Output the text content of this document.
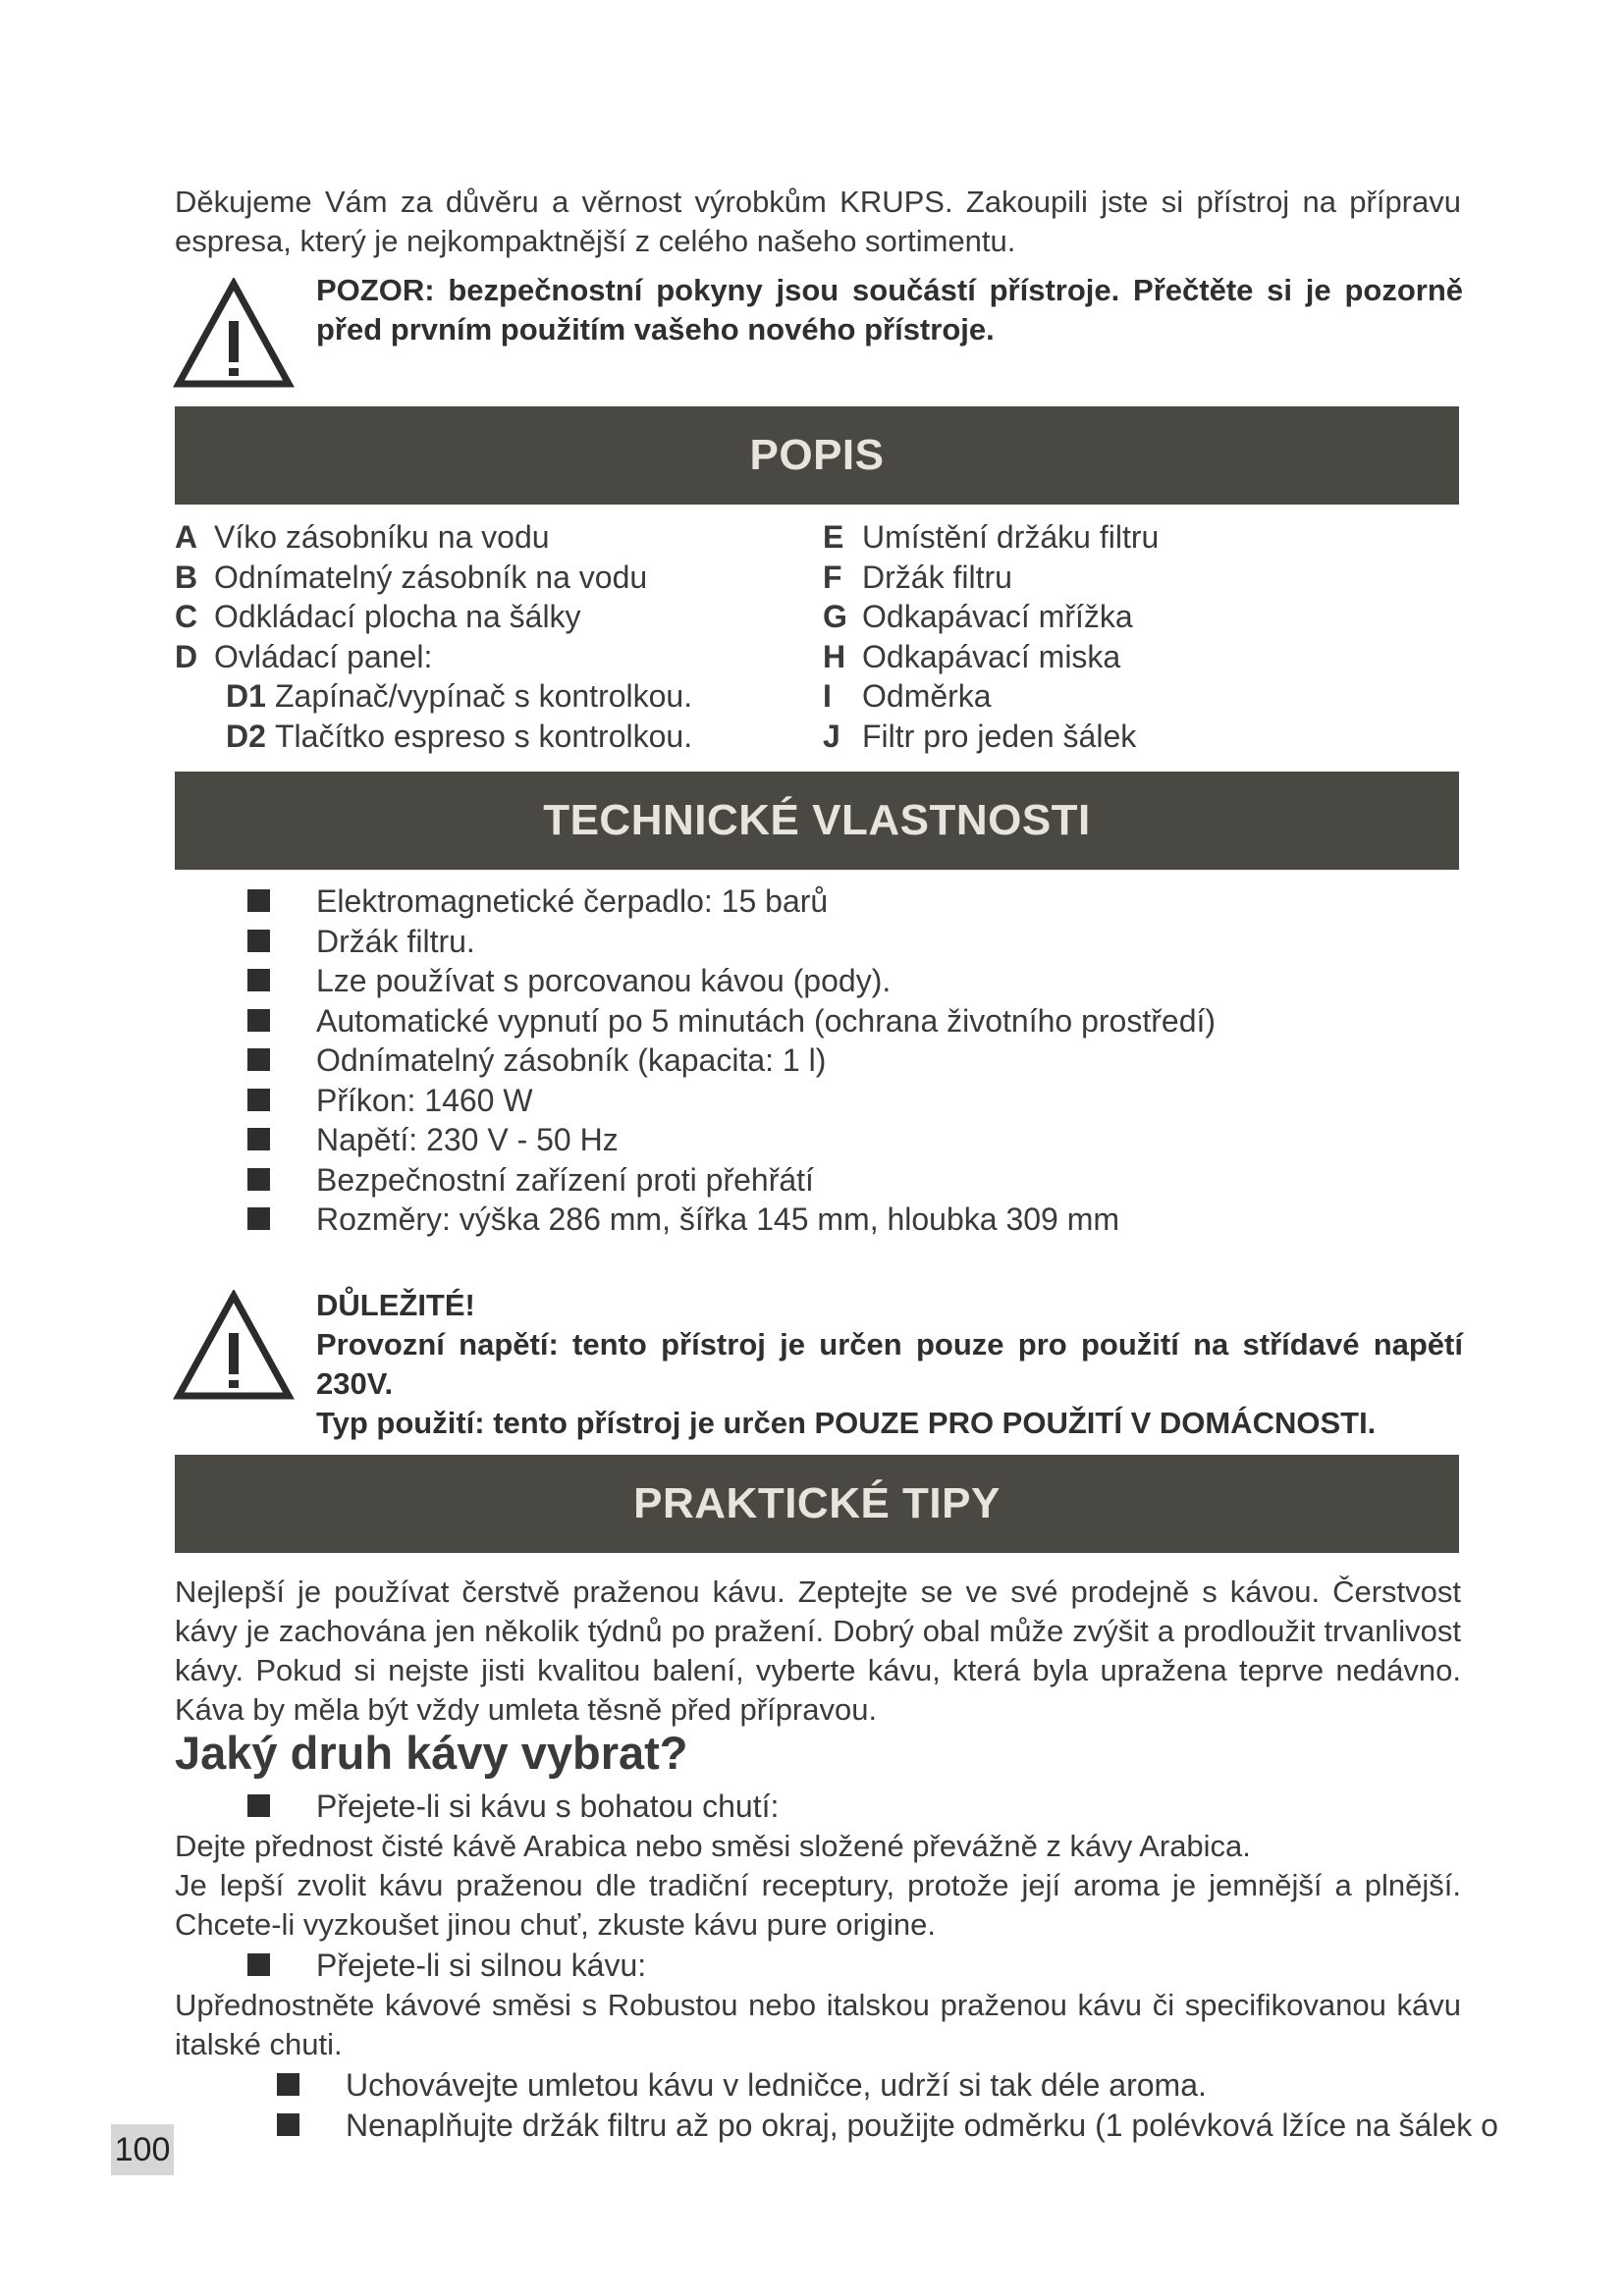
Děkujeme Vám za důvěru a věrnost výrobkům KRUPS. Zakoupili jste si přístroj na přípravu espresa, který je nejkompaktnější z celého našeho sortimentu.
POZOR: bezpečnostní pokyny jsou součástí přístroje. Přečtěte si je pozorně před prvním použitím vašeho nového přístroje.
POPIS
A Víko zásobníku na vodu
B Odnímatelný zásobník na vodu
C Odkládací plocha na šálky
D Ovládací panel:
D1 Zapínač/vypínač s kontrolkou.
D2 Tlačítko espreso s kontrolkou.
E Umístění držáku filtru
F Držák filtru
G Odkapávací mřížka
H Odkapávací miska
I Odměrka
J Filtr pro jeden šálek
TECHNICKÉ VLASTNOSTI
Elektromagnetické čerpadlo: 15 barů
Držák filtru.
Lze používat s porcovanou kávou (pody).
Automatické vypnutí po 5 minutách (ochrana životního prostředí)
Odnímatelný zásobník (kapacita: 1 l)
Příkon: 1460 W
Napětí: 230 V - 50 Hz
Bezpečnostní zařízení proti přehřátí
Rozměry: výška 286 mm, šířka 145 mm, hloubka 309 mm
DŮLEŽITÉ!
Provozní napětí: tento přístroj je určen pouze pro použití na střídavé napětí 230V.
Typ použití: tento přístroj je určen POUZE PRO POUŽITÍ V DOMÁCNOSTI.
PRAKTICKÉ TIPY
Nejlepší je používat čerstvě praženou kávu. Zeptejte se ve své prodejně s kávou. Čerstvost kávy je zachována jen několik týdnů po pražení. Dobrý obal může zvýšit a prodloužit trvanlivost kávy. Pokud si nejste jisti kvalitou balení, vyberte kávu, která byla upražena teprve nedávno. Káva by měla být vždy umleta těsně před přípravou.
Jaký druh kávy vybrat?
Přejete-li si kávu s bohatou chutí:
Dejte přednost čisté kávě Arabica nebo směsi složené převážně z kávy Arabica.
Je lepší zvolit kávu praženou dle tradiční receptury, protože její aroma je jemnější a plnější. Chcete-li vyzkoušet jinou chuť, zkuste kávu pure origine.
Přejete-li si silnou kávu:
Upřednostněte kávové směsi s Robustou nebo italskou praženou kávu či specifikovanou kávu italské chuti.
Uchovávejte umletou kávu v ledničce, udrží si tak déle aroma.
Nenaplňujte držák filtru až po okraj, použijte odměrku (1 polévková lžíce na šálek o
100
